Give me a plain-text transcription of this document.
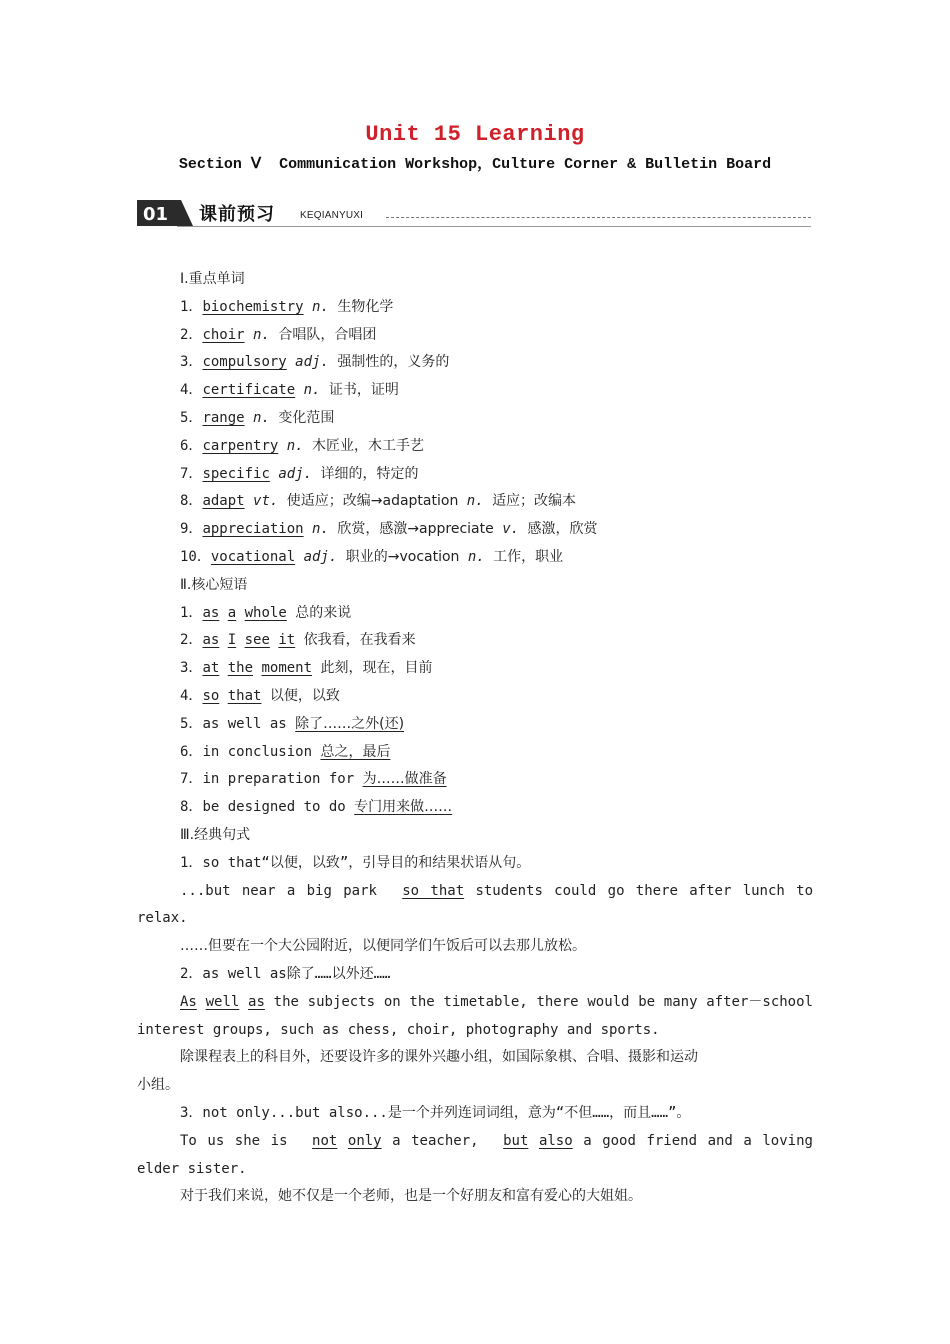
Unit 15 Learning
Section Ⅴ  Communication Workshop，Culture Corner & Bulletin Board
01 课前预习	KEQIANYUXI
Ⅰ.重点单词
1．biochemistry n. 生物化学
2．choir n. 合唱队，合唱团
3．compulsory adj. 强制性的，义务的
4．certificate n. 证书，证明
5．range n. 变化范围
6．carpentry n. 木匠业，木工手艺
7．specific adj. 详细的，特定的
8．adapt vt. 使适应；改编→adaptation n. 适应；改编本
9．appreciation n. 欣赏，感激→appreciate v. 感激，欣赏
10．vocational adj. 职业的→vocation n. 工作，职业
Ⅱ.核心短语
1．as a whole 总的来说
2．as I see it 依我看，在我看来
3．at the moment 此刻，现在，目前
4．so that 以便，以致
5．as well as 除了……之外(还)
6．in conclusion 总之，最后
7．in preparation for 为……做准备
8．be designed to do 专门用来做……
Ⅲ.经典句式
1．so that“以便，以致”，引导目的和结果状语从句。
...but near a big park so that students could go there after lunch to
relax.
……但要在一个大公园附近，以便同学们午饭后可以去那儿放松。
2．as well as除了……以外还……
As well as the subjects on the timetable, there would be many after－school
interest groups, such as chess, choir, photography and sports.
除课程表上的科目外，还要设许多的课外兴趣小组，如国际象棋、合唱、摄影和运动
小组。
3．not only...but also...是一个并列连词词组，意为“不但……，而且……”。
To us she is not only a teacher, but also a good friend and a loving
elder sister.
对于我们来说，她不仅是一个老师，也是一个好朋友和富有爱心的大姐姐。
